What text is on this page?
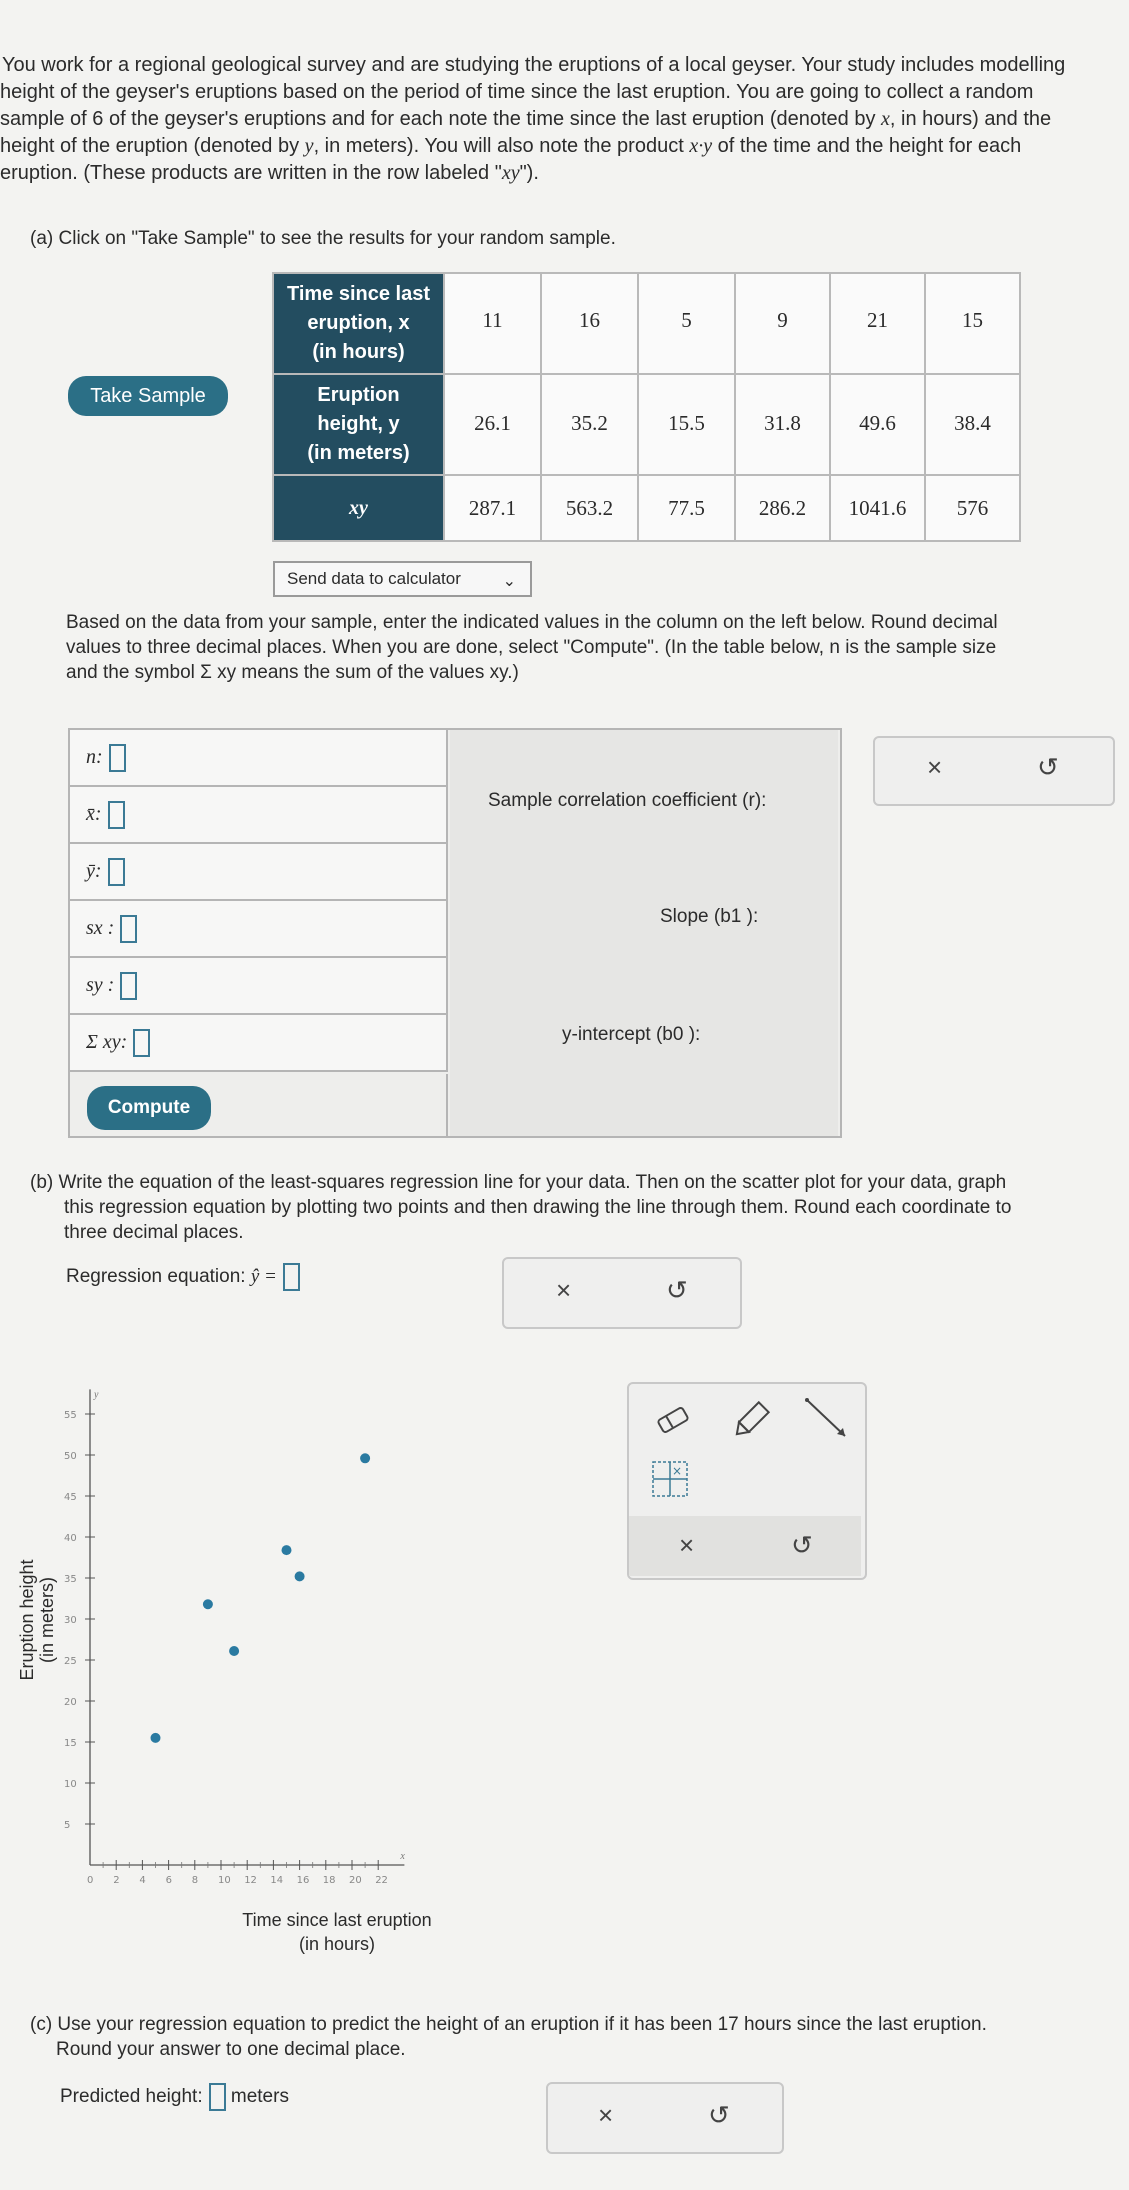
You work for a regional geological survey and are studying the eruptions of a local geyser. Your study includes modelling

height of the geyser's eruptions based on the period of time since the last eruption. You are going to collect a random

sample of 6 of the geyser's eruptions and for each note the time since the last eruption (denoted by x, in hours) and the

height of the eruption (denoted by y, in meters). You will also note the product x·y of the time and the height for each

eruption. (These products are written in the row labeled "xy").

(a) Click on "Take Sample" to see the results for your random sample.
Take Sample
Time since last
eruption, x
(in hours)	11	16	5	9	21	15

Eruption
height, y
(in meters)	26.1	35.2	15.5	31.8	49.6	38.4
xy	287.1	563.2	77.5	286.2	1041.6	576
Send data to calculator	⌄
Based on the data from your sample, enter the indicated values in the column on the left below. Round decimal
values to three decimal places. When you are done, select "Compute". (In the table below, n is the sample size
and the symbol Σ xy means the sum of the values xy.)
n:
x̄:
ȳ:
sx :
sy :
Σ xy:
Compute
Sample correlation coefficient (r):
Slope (b1 ):
y-intercept (b0 ):
×	↺
(b) Write the equation of the least-squares regression line for your data. Then on the scatter plot for your data, graph
this regression equation by plotting two points and then drawing the line through them. Round each coordinate to
three decimal places.
Regression equation: ŷ =	×	↺
Eruption height (in meters)
x
y
0 2 4 6 8 10 12 14 16 18 20 22
5
10
15
20
25
30
35
40
45
50
55
Time since last eruption
(in hours)
×
×	↺
(c) Use your regression equation to predict the height of an eruption if it has been 17 hours since the last eruption.
Round your answer to one decimal place.
Predicted height: meters
×	↺
